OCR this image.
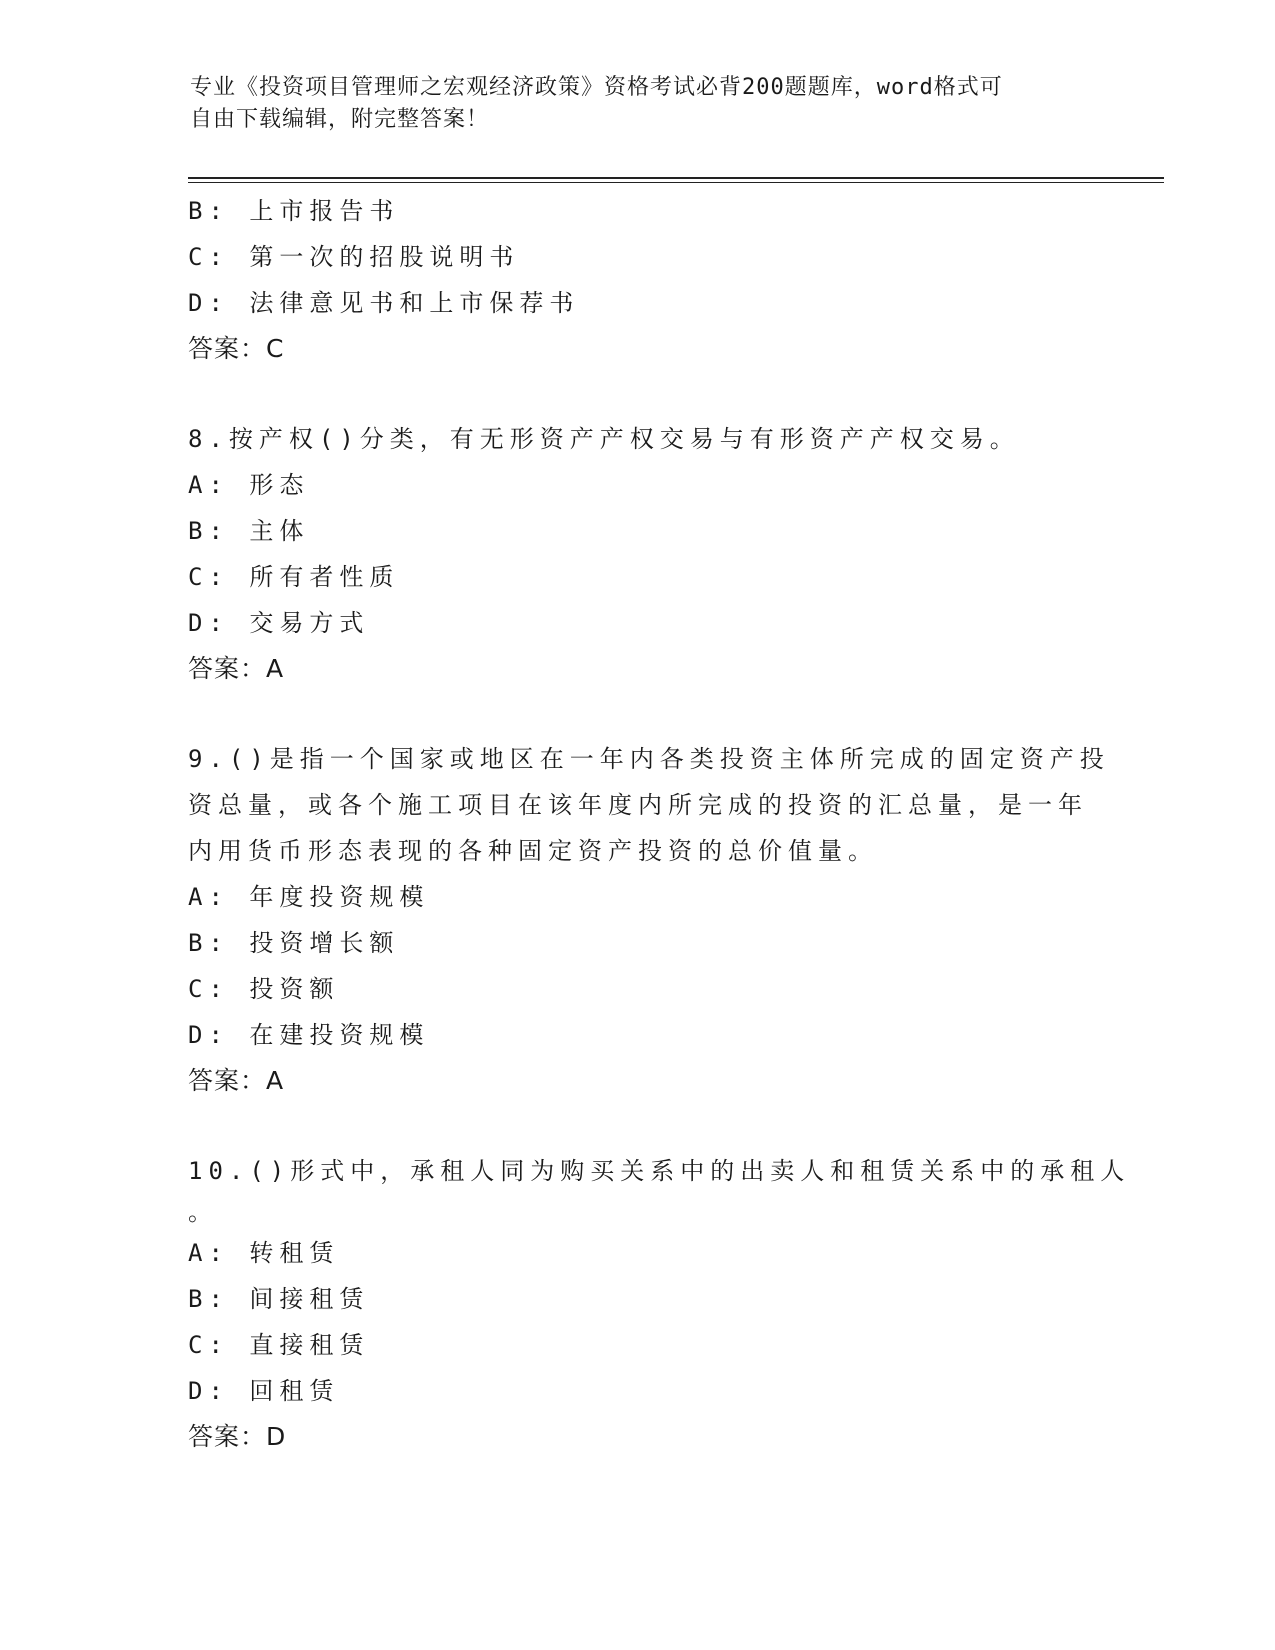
专业《投资项目管理师之宏观经济政策》资格考试必背200题题库，word格式可
自由下载编辑，附完整答案！
B: 上市报告书
C: 第一次的招股说明书
D: 法律意见书和上市保荐书
答案：C
8.按产权()分类，有无形资产产权交易与有形资产产权交易。
A: 形态
B: 主体
C: 所有者性质
D: 交易方式
答案：A
9.()是指一个国家或地区在一年内各类投资主体所完成的固定资产投
资总量，或各个施工项目在该年度内所完成的投资的汇总量，是一年
内用货币形态表现的各种固定资产投资的总价值量。
A: 年度投资规模
B: 投资增长额
C: 投资额
D: 在建投资规模
答案：A
10.()形式中，承租人同为购买关系中的出卖人和租赁关系中的承租人
。
A: 转租赁
B: 间接租赁
C: 直接租赁
D: 回租赁
答案：D
